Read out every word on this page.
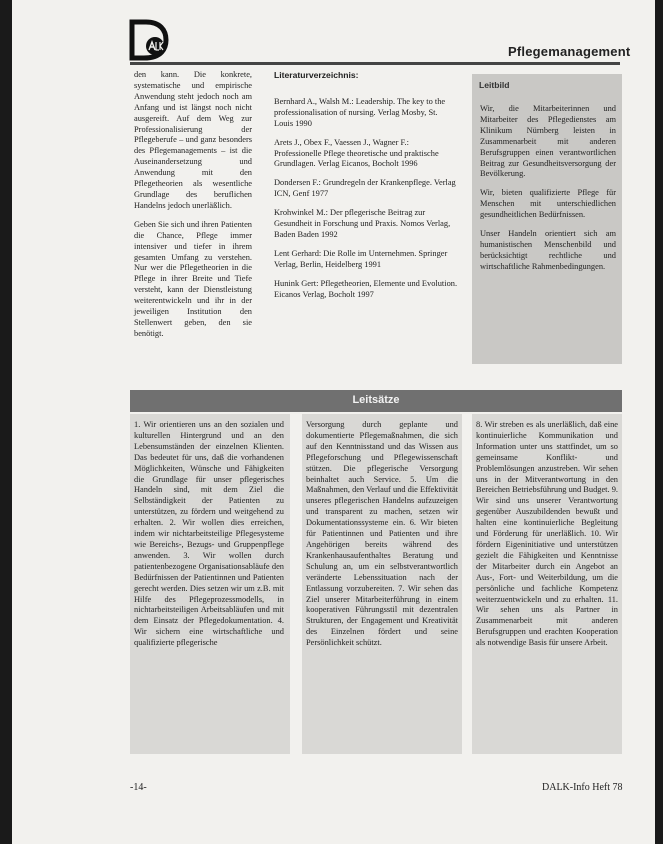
Pflegemanagement

den kann. Die konkrete, systematische und empirische Anwendung steht jedoch noch am Anfang und ist längst noch nicht ausgereift. Auf dem Weg zur Professionalisierung der Pflegeberufe – und ganz besonders des Pflegemanagements – ist die Auseinandersetzung und Anwendung mit den Pflegetheorien als wesentliche Grundlage des beruflichen Handelns jedoch unerläßlich.

Geben Sie sich und ihren Patienten die Chance, Pflege immer intensiver und tiefer in ihrem gesamten Umfang zu verstehen. Nur wer die Pflegetheorien in die Pflege in ihrer Breite und Tiefe versteht, kann der Dienstleistung weiterentwickeln und ihr in der jeweiligen Institution den Stellenwert geben, den sie benötigt.

Literaturverzeichnis:

Bernhard A., Walsh M.: Leadership. The key to the professionalisation of nursing. Verlag Mosby, St. Louis 1990

Arets J., Obex F., Vaessen J., Wagner F.: Professionelle Pflege theoretische und praktische Grundlagen. Verlag Eicanos, Bocholt 1996

Dondersen F.: Grundregeln der Krankenpflege. Verlag ICN, Genf 1977

Krohwinkel M.: Der pflegerische Beitrag zur Gesundheit in Forschung und Praxis. Nomos Verlag, Baden Baden 1992

Lent Gerhard: Die Rolle im Unternehmen. Springer Verlag, Berlin, Heidelberg 1991

Hunink Gert: Pflegetheorien, Elemente und Evolution. Eicanos Verlag, Bocholt 1997

Leitbild

Wir, die Mitarbeiterinnen und Mitarbeiter des Pflegedienstes am Klinikum Nürnberg leisten in Zusammenarbeit mit anderen Berufsgruppen einen verantwortlichen Beitrag zur Gesundheitsversorgung der Bevölkerung.

Wir, bieten qualifizierte Pflege für Menschen mit unterschiedlichen gesundheitlichen Bedürfnissen.

Unser Handeln orientiert sich am humanistischen Menschenbild und berücksichtigt rechtliche und wirtschaftliche Rahmenbedingungen.

Leitsätze
1. Wir orientieren uns an den sozialen und kulturellen Hintergrund und an den Lebensumständen der einzelnen Klienten. Das bedeutet für uns, daß die vorhandenen Möglichkeiten, Wünsche und Fähigkeiten die Grundlage für unser pflegerisches Handeln sind, mit dem Ziel die Selbständigkeit der Patienten zu unterstützen, zu fördern und weitgehend zu erhalten. 2. Wir wollen dies erreichen, indem wir nichtarbeitsteilige Pflegesysteme wie Bereichs-, Bezugs- und Gruppenpflege anwenden. 3. Wir wollen durch patientenbezogene Organisationsabläufe den Bedürfnissen der Patientinnen und Patienten gerecht werden. Dies setzen wir um z.B. mit Hilfe des Pflegeprozessmodells, in nichtarbeitsteiligen Arbeitsabläufen und mit dem Einsatz der Pflegedokumentation. 4. Wir sichern eine wirtschaftliche und qualifizierte pflegerische
Versorgung durch geplante und dokumentierte Pflegemaßnahmen, die sich auf den Kenntnisstand und das Wissen aus Pflegeforschung und Pflegewissenschaft stützen. Die pflegerische Versorgung beinhaltet auch Service. 5. Um die Maßnahmen, den Verlauf und die Effektivität unseres pflegerischen Handelns aufzuzeigen und transparent zu machen, setzen wir Dokumentationssysteme ein. 6. Wir bieten für Patientinnen und Patienten und ihre Angehörigen bereits während des Krankenhausaufenthaltes Beratung und Schulung an, um ein selbstverantwortlich veränderte Lebenssituation nach der Entlassung vorzubereiten. 7. Wir sehen das Ziel unserer Mitarbeiterführung in einem kooperativen Führungsstil mit dezentralen Strukturen, der Engagement und Kreativität des Einzelnen fördert und seine Persönlichkeit schützt.
8. Wir streben es als unerläßlich, daß eine kontinuierliche Kommunikation und Information unter uns stattfindet, um so gemeinsame Konflikt- und Problemlösungen anzustreben. Wir sehen uns in der Mitverantwortung in den Bereichen Betriebsführung und Budget. 9. Wir sind uns unserer Verantwortung gegenüber Auszubildenden bewußt und halten eine kontinuierliche Begleitung und Förderung für unerläßlich. 10. Wir fördern Eigeninitiative und unterstützen gezielt die Fähigkeiten und Kenntnisse der Mitarbeiter durch ein Angebot an Aus-, Fort- und Weiterbildung, um die persönliche und fachliche Kompetenz weiterzuentwickeln und zu erhalten. 11. Wir sehen uns als Partner in Zusammenarbeit mit anderen Berufsgruppen und erachten Kooperation als notwendige Basis für unsere Arbeit.
-14-	DALK-Info Heft 78
